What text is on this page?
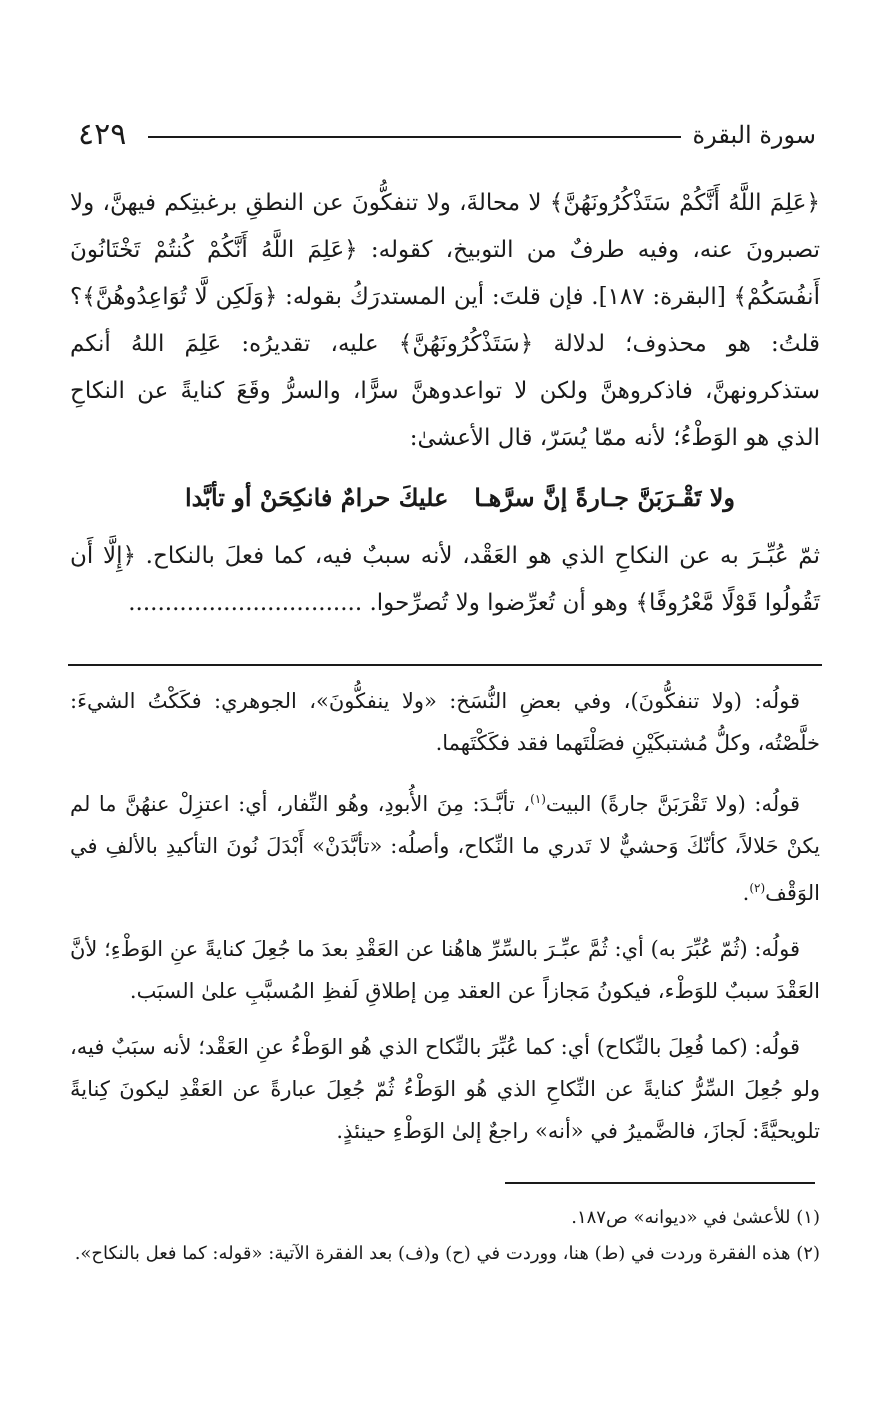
٤٢٩	سورة البقرة

﴿عَلِمَ اللَّهُ أَنَّكُمْ سَتَذْكُرُونَهُنَّ﴾ لا محالةَ، ولا تنفكُّونَ عن النطقِ برغبتِكم فيهنَّ، ولا تصبرونَ عنه، وفيه طرفٌ من التوبيخ، كقوله: ﴿عَلِمَ اللَّهُ أَنَّكُمْ كُنتُمْ تَخْتَانُونَ أَنفُسَكُمْ﴾ [البقرة: ١٨٧]. فإن قلتَ: أين المستدرَكُ بقوله: ﴿وَلَكِن لَّا تُوَاعِدُوهُنَّ﴾؟ قلتُ: هو محذوف؛ لدلالة ﴿سَتَذْكُرُونَهُنَّ﴾ عليه، تقديرُه: عَلِمَ اللهُ أنكم ستذكرونهنَّ، فاذكروهنَّ ولكن لا تواعدوهنَّ سرًّا، والسرُّ وقَعَ كنايةً عن النكاحِ الذي هو الوَطْءُ؛ لأنه ممّا يُسَرّ، قال الأعشىٰ:

ولا تَقْـرَبَنَّ جـارةً إنَّ سرَّهـا
عليكَ حرامٌ فانكِحَنْ أو تأبَّدا

ثمّ عُبِّـرَ به عن النكاحِ الذي هو العَقْد، لأنه سببٌ فيه، كما فعلَ بالنكاح. ﴿إِلَّا أَن تَقُولُوا قَوْلًا مَّعْرُوفًا﴾ وهو أن تُعرِّضوا ولا تُصرِّحوا. ................................

قولُه: (ولا تنفكُّونَ)، وفي بعضِ النُّسَخ: «ولا ينفكُّونَ»، الجوهري: فكَكْتُ الشيءَ: خلَّصْتُه، وكلُّ مُشتبكَيْنِ فصَلْتَهما فقد فكَكْتَهما.

قولُه: (ولا تَقْرَبَنَّ جارةً) البيت$^{(١)}$، تأبَّـدَ: مِنَ الأُبودِ، وهُو النِّفار، أي: اعتزِلْ عنهُنَّ ما لم يكنْ حَلالاً، كأنّكَ وَحشيٌّ لا تَدري ما النِّكاح، وأصلُه: «تأبَّدَنْ» أَبْدَلَ نُونَ التأكيدِ بالألفِ في الوَقْف$^{(٢)}$.

قولُه: (ثُمّ عُبِّرَ به) أي: ثُمَّ عبِّـرَ بالسِّرِّ هاهُنا عن العَقْدِ بعدَ ما جُعِلَ كنايةً عنِ الوَطْءِ؛ لأنَّ العَقْدَ سببٌ للوَطْء، فيكونُ مَجازاً عن العقد مِن إطلاقِ لَفظِ المُسبَّبِ علىٰ السبَب.

قولُه: (كما فُعِلَ بالنِّكاح) أي: كما عُبِّرَ بالنِّكاح الذي هُو الوَطْءُ عنِ العَقْد؛ لأنه سبَبٌ فيه، ولو جُعِلَ السِّرُّ كنايةً عن النِّكاحِ الذي هُو الوَطْءُ ثُمّ جُعِلَ عبارةً عن العَقْدِ ليكونَ كِنايةً تلويحيَّةً: لَجازَ، فالضَّميرُ في «أنه» راجعٌ إلىٰ الوَطْءِ حينئذٍ.

(١) للأعشىٰ في «ديوانه» ص١٨٧.

(٢) هذه الفقرة وردت في (ط) هنا، ووردت في (ح) و(ف) بعد الفقرة الآتية: «قوله: كما فعل بالنكاح».
